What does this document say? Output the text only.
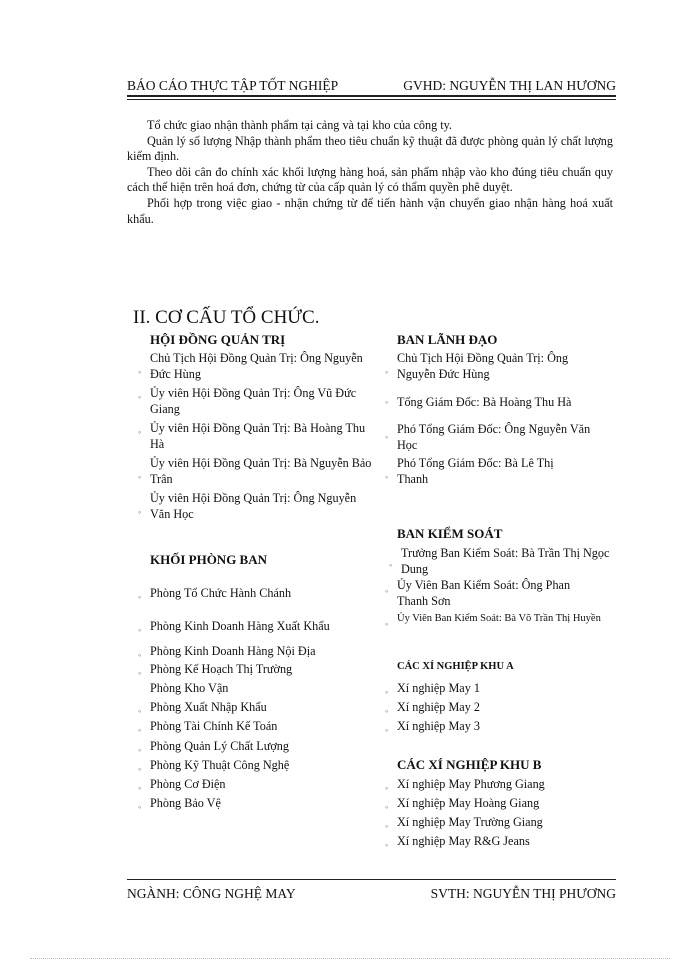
BÁO CÁO THỰC TẬP TỐT NGHIỆP	GVHD: NGUYỄN THỊ LAN HƯƠNG

Tổ chức giao nhận thành phẩm tại cảng và tại kho của công ty.

Quản lý số lượng Nhập thành phẩm theo tiêu chuẩn kỹ thuật đã được phòng quản lý chất lượng kiểm định.

Theo dõi cân đo chính xác khối lượng hàng hoá, sản phẩm nhập vào kho đúng tiêu chuẩn quy cách thể hiện trên hoá đơn, chứng từ của cấp quản lý có thẩm quyền phê duyệt.

Phối hợp trong việc giao - nhận chứng từ để tiến hành vận chuyển giao nhận hàng hoá xuất khẩu.

II. CƠ CẤU TỔ CHỨC.
HỘI ĐỒNG QUẢN TRỊ
◦
Chủ Tịch Hội Đồng Quản Trị: Ông Nguyễn Đức Hùng
◦ Ủy viên Hội Đồng Quản Trị: Ông Vũ Đức Giang
◦ Ủy viên Hội Đồng Quản Trị: Bà Hoàng Thu Hà
◦
Ủy viên Hội Đồng Quản Trị: Bà Nguyễn Bảo Trân
◦
Ủy viên Hội Đồng Quản Trị: Ông Nguyễn Văn Học
KHỐI PHÒNG BAN
◦ Phòng Tổ Chức Hành Chánh
◦ Phòng Kinh Doanh Hàng Xuất Khẩu
◦ Phòng Kinh Doanh Hàng Nội Địa
◦ Phòng Kế Hoạch Thị Trường
Phòng Kho Vận
◦ Phòng Xuất Nhập Khẩu
◦ Phòng Tài Chính Kế Toán
◦ Phòng Quản Lý Chất Lượng
◦ Phòng Kỹ Thuật Công Nghệ
◦ Phòng Cơ Điện
◦ Phòng Bảo Vệ
BAN LÃNH ĐẠO
◦
Chủ Tịch Hội Đồng Quản Trị: Ông Nguyễn Đức Hùng
◦ Tổng Giám Đốc: Bà Hoàng Thu Hà
◦
Phó Tổng Giám Đốc: Ông Nguyễn Văn Học
◦
Phó Tổng Giám Đốc: Bà Lê Thị Thanh
BAN KIỂM SOÁT
◦
Trưởng Ban Kiểm Soát: Bà Trần Thị Ngọc Dung
◦ Ủy Viên Ban Kiểm Soát: Ông Phan Thanh Sơn
◦ Ủy Viên Ban Kiểm Soát: Bà Võ Trần Thị Huyền
CÁC XÍ NGHIỆP KHU A
◦ Xí nghiệp May 1
◦ Xí nghiệp May 2
◦ Xí nghiệp May 3
CÁC XÍ NGHIỆP KHU B
◦ Xí nghiệp May Phương Giang
◦ Xí nghiệp May Hoàng Giang
◦ Xí nghiệp May Trường Giang
◦ Xí nghiệp May R&G Jeans
NGÀNH: CÔNG NGHỆ MAY	SVTH: NGUYỄN THỊ PHƯƠNG
